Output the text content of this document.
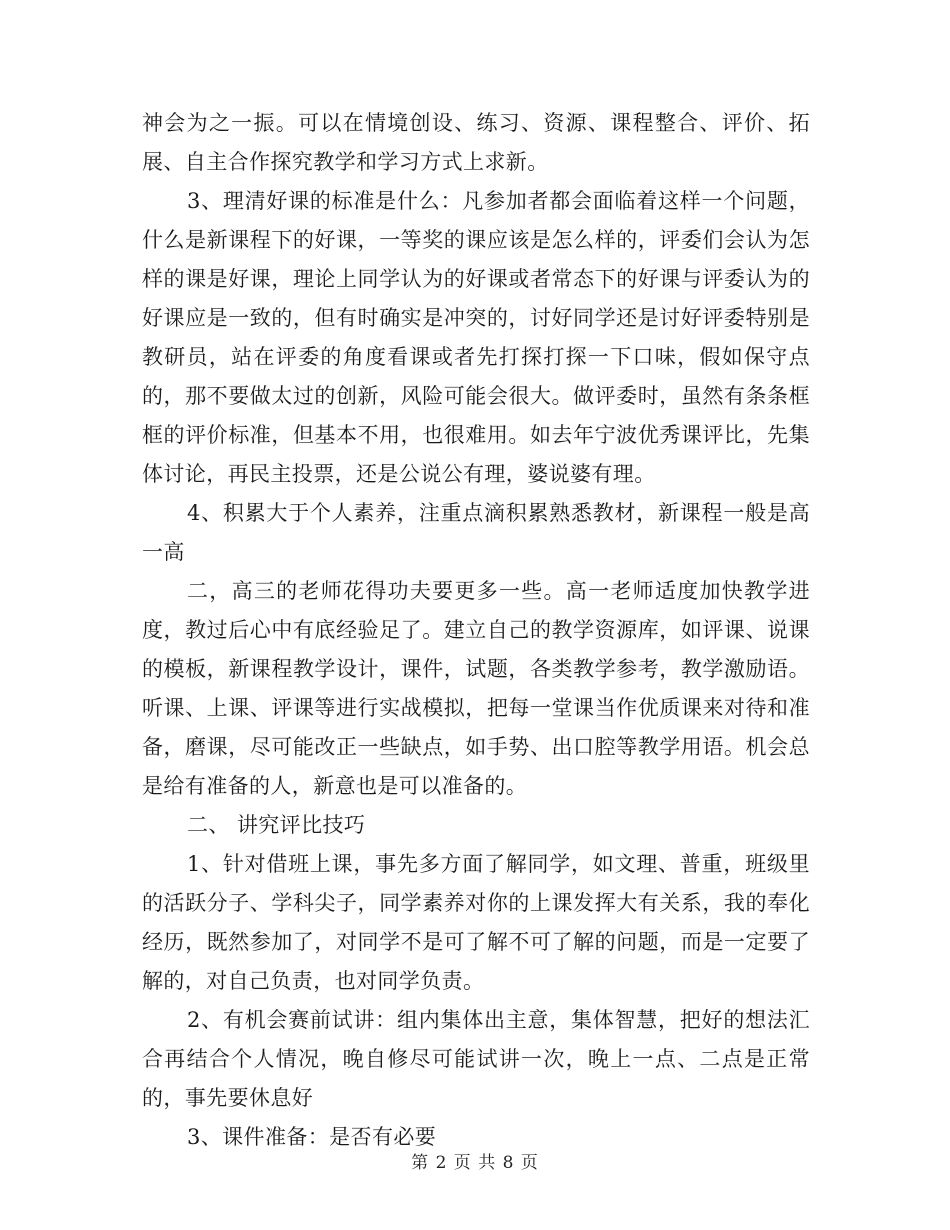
神会为之一振。可以在情境创设、练习、资源、课程整合、评价、拓展、自主合作探究教学和学习方式上求新。

3、理清好课的标准是什么：凡参加者都会面临着这样一个问题，什么是新课程下的好课，一等奖的课应该是怎么样的，评委们会认为怎样的课是好课，理论上同学认为的好课或者常态下的好课与评委认为的好课应是一致的，但有时确实是冲突的，讨好同学还是讨好评委特别是教研员，站在评委的角度看课或者先打探打探一下口味，假如保守点的，那不要做太过的创新，风险可能会很大。做评委时，虽然有条条框框的评价标准，但基本不用，也很难用。如去年宁波优秀课评比，先集体讨论，再民主投票，还是公说公有理，婆说婆有理。

4、积累大于个人素养，注重点滴积累熟悉教材，新课程一般是高一高

二，高三的老师花得功夫要更多一些。高一老师适度加快教学进度，教过后心中有底经验足了。建立自己的教学资源库，如评课、说课的模板，新课程教学设计，课件，试题，各类教学参考，教学激励语。听课、上课、评课等进行实战模拟，把每一堂课当作优质课来对待和准备，磨课，尽可能改正一些缺点，如手势、出口腔等教学用语。机会总是给有准备的人，新意也是可以准备的。

二、 讲究评比技巧

1、针对借班上课，事先多方面了解同学，如文理、普重，班级里的活跃分子、学科尖子，同学素养对你的上课发挥大有关系，我的奉化经历，既然参加了，对同学不是可了解不可了解的问题，而是一定要了解的，对自己负责，也对同学负责。

2、有机会赛前试讲：组内集体出主意，集体智慧，把好的想法汇合再结合个人情况，晚自修尽可能试讲一次，晚上一点、二点是正常的，事先要休息好

3、课件准备：是否有必要

第 2 页 共 8 页
